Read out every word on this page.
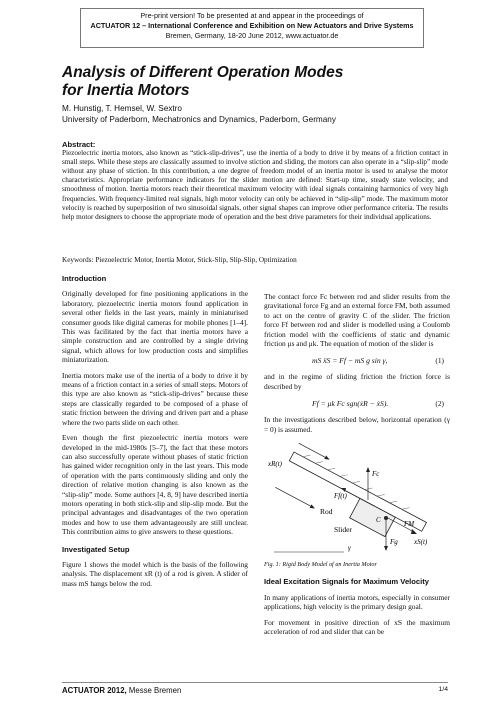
Pre-print version! To be presented at and appear in the proceedings of
ACTUATOR 12 – International Conference and Exhibition on New Actuators and Drive Systems
Bremen, Germany, 18-20 June 2012, www.actuator.de
Analysis of Different Operation Modes
for Inertia Motors
M. Hunstig, T. Hemsel, W. Sextro
University of Paderborn, Mechatronics and Dynamics, Paderborn, Germany
Abstract:
Piezoelectric inertia motors, also known as “stick-slip-drives”, use the inertia of a body to drive it by means of a friction contact in small steps. While these steps are classically assumed to involve stiction and sliding, the motors can also operate in a “slip-slip” mode without any phase of stiction. In this contribution, a one degree of freedom model of an inertia motor is used to analyse the motor characteristics. Appropriate performance indicators for the slider motion are defined: Start-up time, steady state velocity, and smoothness of motion. Inertia motors reach their theoretical maximum velocity with ideal signals containing harmonics of very high frequencies. With frequency-limited real signals, high motor velocity can only be achieved in “slip-slip” mode. The maximum motor velocity is reached by superposition of two sinusoidal signals, other signal shapes can improve other performance criteria. The results help motor designers to choose the appropriate mode of operation and the best drive parameters for their individual applications.
Keywords: Piezoelectric Motor, Inertia Motor, Stick-Slip, Slip-Slip, Optimization
Introduction

Originally developed for fine positioning applications in the laboratory, piezoelectric inertia motors found application in several other fields in the last years, mainly in miniaturised consumer goods like digital cameras for mobile phones [1–4]. This was facilitated by the fact that inertia motors have a simple construction and are controlled by a single driving signal, which allows for low production costs and simplifies miniaturization.

Inertia motors make use of the inertia of a body to drive it by means of a friction contact in a series of small steps. Motors of this type are also known as “stick-slip-drives” because these steps are classically regarded to be composed of a phase of static friction between the driving and driven part and a phase where the two parts slide on each other.

Even though the first piezoelectric inertia motors were developed in the mid-1980s [5–7], the fact that these motors can also successfully operate without phases of static friction has gained wider recognition only in the last years. This mode of operation with the parts continuously sliding and only the direction of relative motion changing is also known as the “slip-slip” mode. Some authors [4, 8, 9] have described inertia motors operating in both stick-slip and slip-slip mode. But the principal advantages and disadvantages of the two operation modes and how to use them advantageously are still unclear. This contribution aims to give answers to these questions.

Investigated Setup

Figure 1 shows the model which is the basis of the following analysis. The displacement xR (t) of a rod is given. A slider of mass mS hangs below the rod.

The contact force Fc between rod and slider results from the gravitational force Fg and an external force FM, both assumed to act on the centre of gravity C of the slider. The friction force Ff between rod and slider is modelled using a Coulomb friction model with the coefficients of static and dynamic friction μs and μk. The equation of motion of the slider is

mS ẍS = Ff − mS g sin γ,	(1)

and in the regime of sliding friction the friction force is described by

Ff = μk Fc sgn(ẋR − ẋS).	(2)

In the investigations described below, horizontal operation (γ = 0) is assumed.

xR(t)
Ff(t)
Fc
Rod
Slider
C	FM
Fg
γ
xS(t)
Fig. 1: Rigid Body Model of an Inertia Motor
Ideal Excitation Signals for Maximum Velocity

In many applications of inertia motors, especially in consumer applications, high velocity is the primary design goal.

For movement in positive direction of xS the maximum acceleration of rod and slider that can be

ACTUATOR 2012, Messe Bremen	1/4
